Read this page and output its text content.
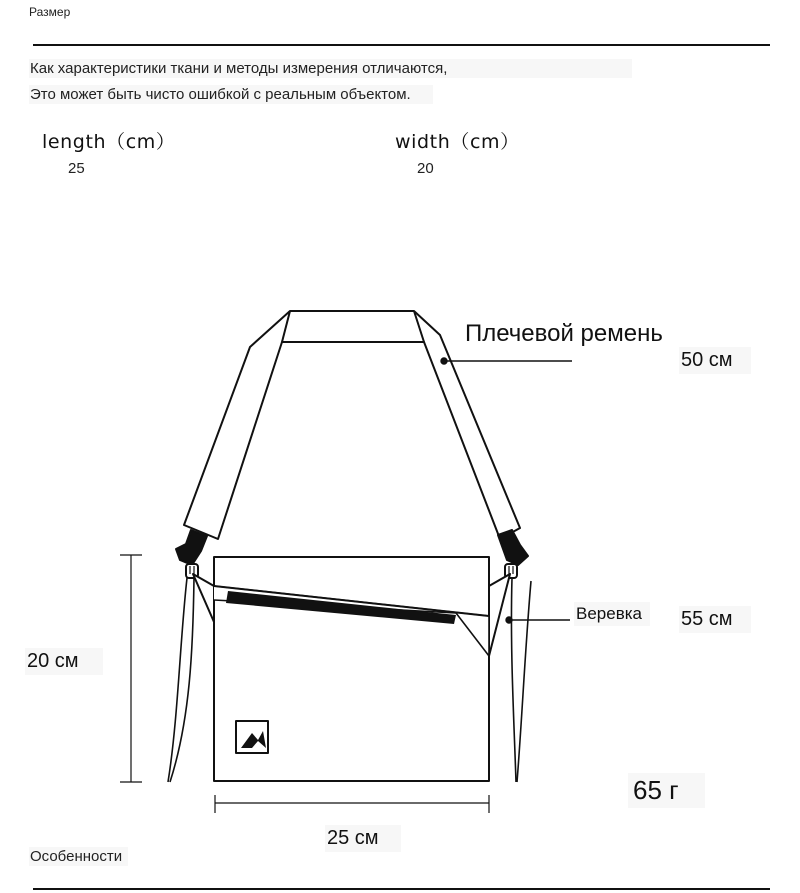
Размер
Как характеристики ткани и методы измерения отличаются,
Это может быть чисто ошибкой с реальным объектом.
length（cm）
25
width（cm）
20
Плечевой ремень
50 см
Веревка	55 см
20 см
25 см
65 г
Особенности
